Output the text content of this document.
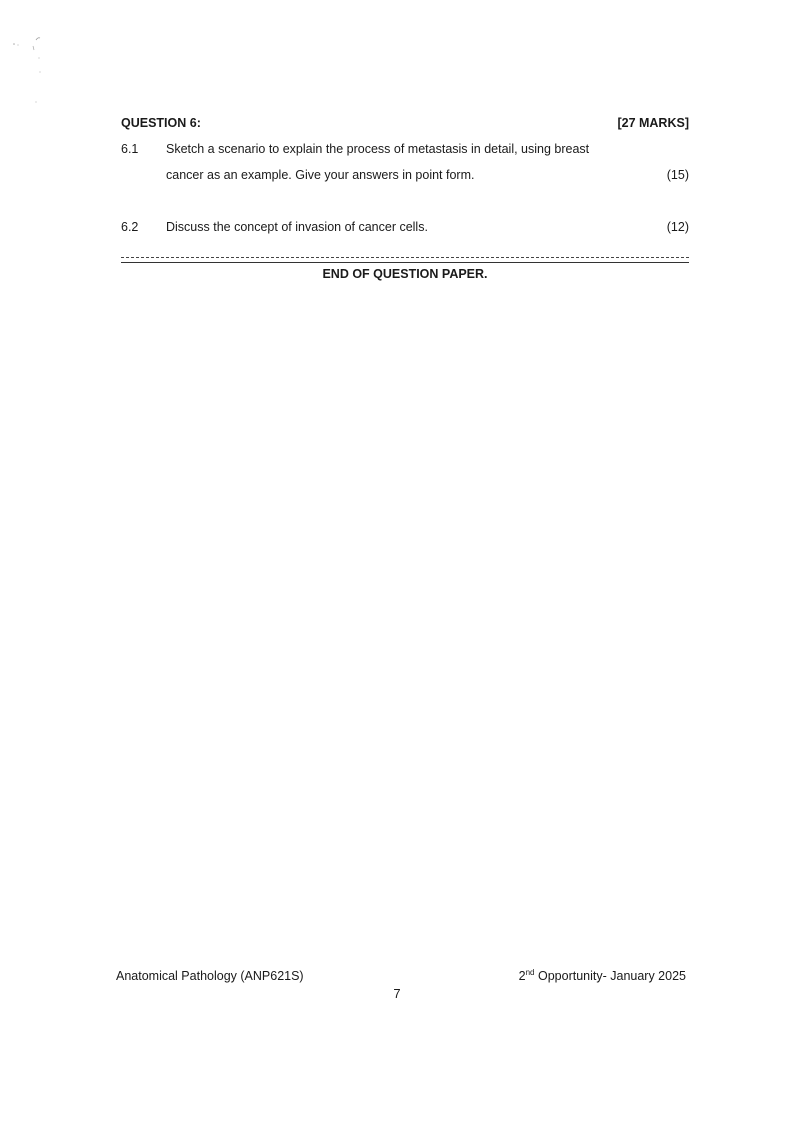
QUESTION 6:	[27 MARKS]
6.1 Sketch a scenario to explain the process of metastasis in detail, using breast
cancer as an example. Give your answers in point form.	(15)
6.2 Discuss the concept of invasion of cancer cells.	(12)
END OF QUESTION PAPER.
Anatomical Pathology (ANP621S)	2nd Opportunity- January 2025
7
